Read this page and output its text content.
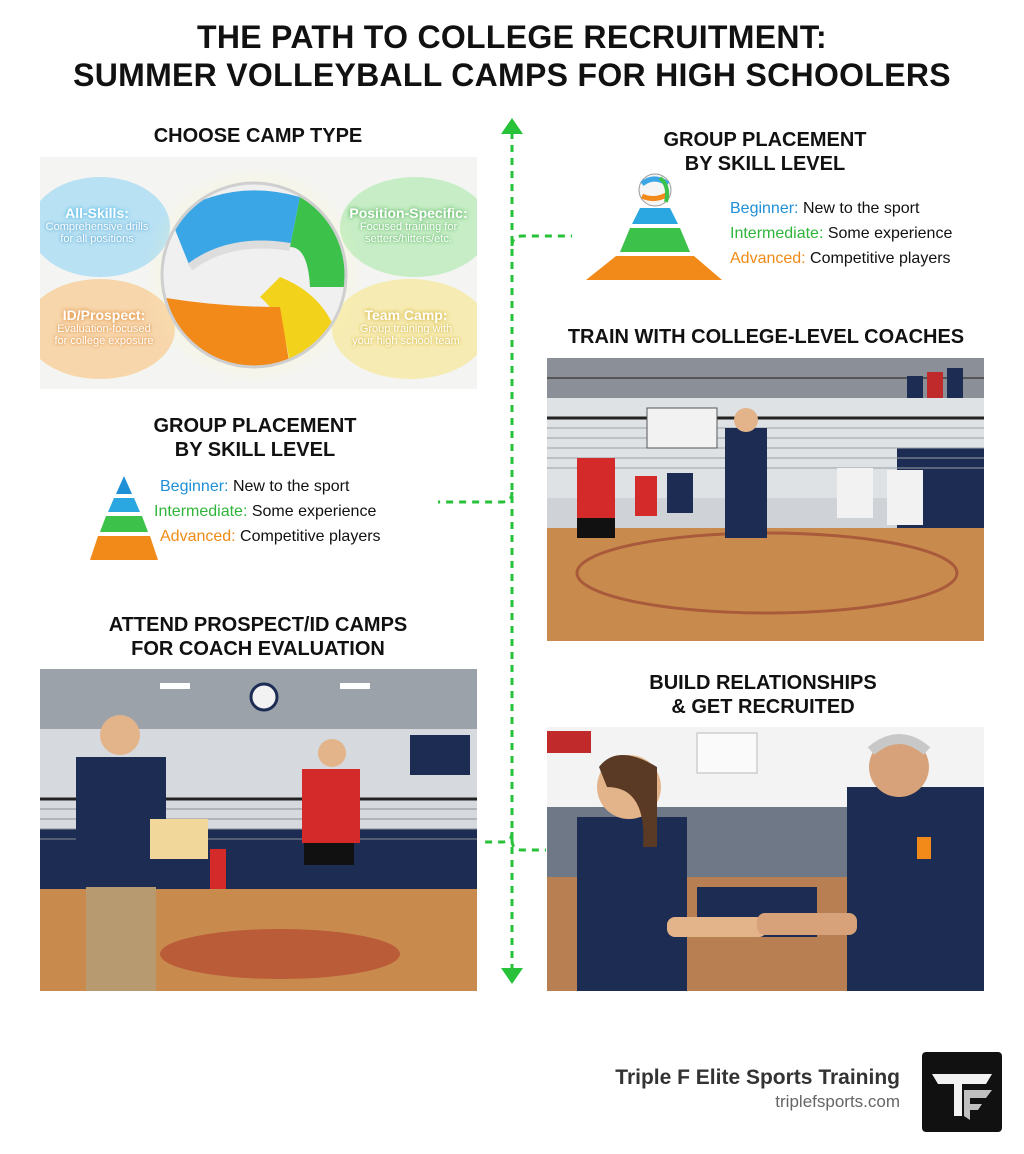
THE PATH TO COLLEGE RECRUITMENT:
SUMMER VOLLEYBALL CAMPS FOR HIGH SCHOOLERS
CHOOSE CAMP TYPE
All-Skills:
Comprehensive drills
for all positions
Position-Specific:
Focused training for
setters/hitters/etc.
ID/Prospect:
Evaluation-focused
for college exposure
Team Camp:
Group training with
your high school team
GROUP PLACEMENT
BY SKILL LEVEL
Beginner: New to the sport
Intermediate: Some experience
Advanced: Competitive players
GROUP PLACEMENT
BY SKILL LEVEL
Beginner: New to the sport
Intermediate: Some experience
Advanced: Competitive players
TRAIN WITH COLLEGE-LEVEL COACHES
ATTEND PROSPECT/ID CAMPS
FOR COACH EVALUATION
BUILD RELATIONSHIPS
& GET RECRUITED
Triple F Elite Sports Training
triplefsports.com
